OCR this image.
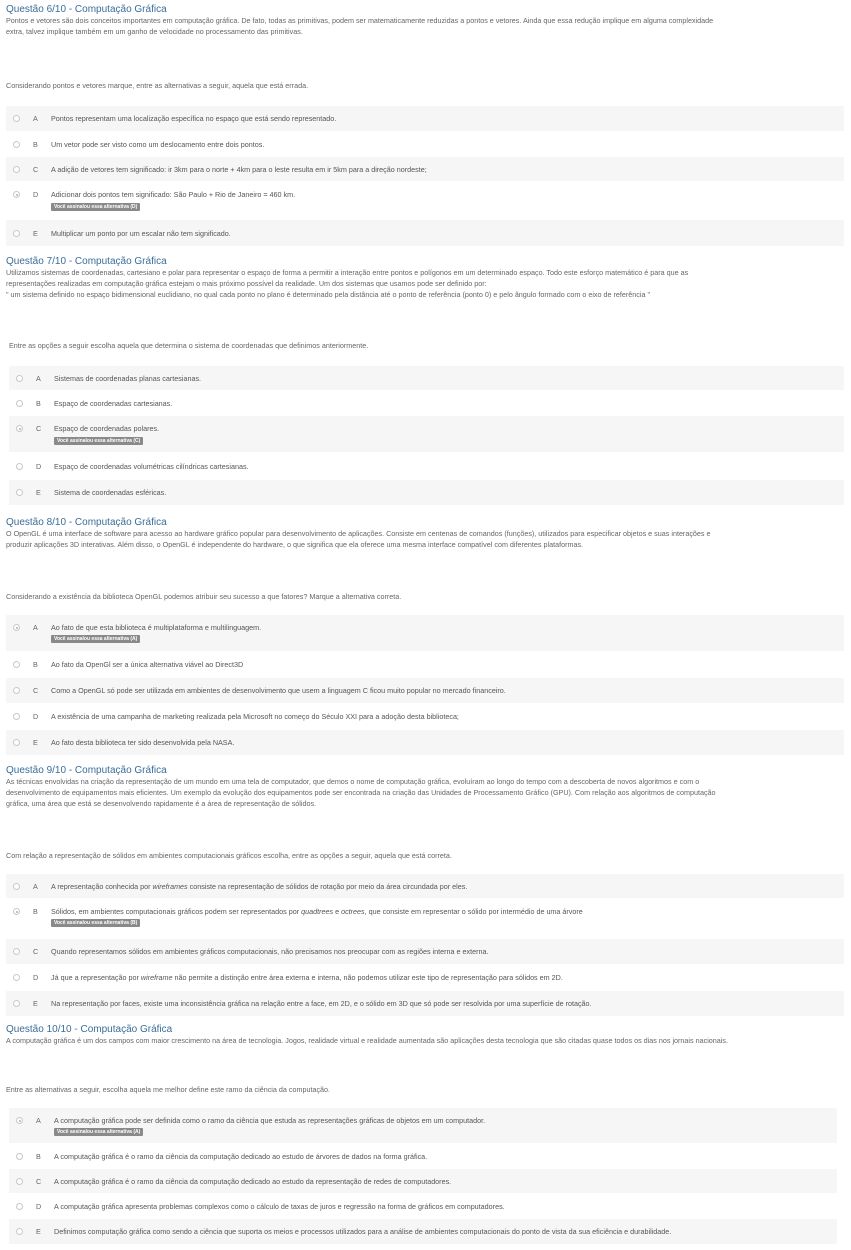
Questão 6/10 - Computação Gráfica

Pontos e vetores são dois conceitos importantes em computação gráfica. De fato, todas as primitivas, podem ser matematicamente reduzidas a pontos e vetores. Ainda que essa redução implique em alguma complexidade

extra, talvez implique também em um ganho de velocidade no processamento das primitivas.

Considerando pontos e vetores marque, entre as alternativas a seguir, aquela que está errada.
A Pontos representam uma localização específica no espaço que está sendo representado.
B Um vetor pode ser visto como um deslocamento entre dois pontos.
C A adição de vetores tem significado: ir 3km para o norte + 4km para o leste resulta em ir 5km para a direção nordeste;
D Adicionar dois pontos tem significado: São Paulo + Rio de Janeiro = 460 km.
Você assinalou essa alternativa (D)
E Multiplicar um ponto por um escalar não tem significado.
Questão 7/10 - Computação Gráfica

Utilizamos sistemas de coordenadas, cartesiano e polar para representar o espaço de forma a permitir a interação entre pontos e polígonos em um determinado espaço. Todo este esforço matemático é para que as

representações realizadas em computação gráfica estejam o mais próximo possível da realidade. Um dos sistemas que usamos pode ser definido por:

" um sistema definido no espaço bidimensional euclidiano, no qual cada ponto no plano é determinado pela distância até o ponto de referência (ponto 0) e pelo ângulo formado com o eixo de referência "

Entre as opções a seguir escolha aquela que determina o sistema de coordenadas que definimos anteriormente.
A Sistemas de coordenadas planas cartesianas.
B Espaço de coordenadas cartesianas.
C Espaço de coordenadas polares.
Você assinalou essa alternativa (C)
D Espaço de coordenadas volumétricas cilíndricas cartesianas.
E Sistema de coordenadas esféricas.
Questão 8/10 - Computação Gráfica

O OpenGL é uma interface de software para acesso ao hardware gráfico popular para desenvolvimento de aplicações. Consiste em centenas de comandos (funções), utilizados para especificar objetos e suas interações e

produzir aplicações 3D interativas. Além disso, o OpenGL é independente do hardware, o que significa que ela oferece uma mesma interface compatível com diferentes plataformas.

Considerando a existência da biblioteca OpenGL podemos atribuir seu sucesso a que fatores? Marque a alternativa correta.
A Ao fato de que esta biblioteca é multiplataforma e multilinguagem.
Você assinalou essa alternativa (A)
B Ao fato da OpenGl ser a única alternativa viável ao Direct3D
C Como a OpenGL só pode ser utilizada em ambientes de desenvolvimento que usem a linguagem C ficou muito popular no mercado financeiro.
D A existência de uma campanha de marketing realizada pela Microsoft no começo do Século XXI para a adoção desta biblioteca;
E Ao fato desta biblioteca ter sido desenvolvida pela NASA.
Questão 9/10 - Computação Gráfica

As técnicas envolvidas na criação da representação de um mundo em uma tela de computador, que demos o nome de computação gráfica, evoluíram ao longo do tempo com a descoberta de novos algoritmos e com o

desenvolvimento de equipamentos mais eficientes. Um exemplo da evolução dos equipamentos pode ser encontrada na criação das Unidades de Processamento Gráfico (GPU). Com relação aos algoritmos de computação

gráfica, uma área que está se desenvolvendo rapidamente é a área de representação de sólidos.

Com relação a representação de sólidos em ambientes computacionais gráficos escolha, entre as opções a seguir, aquela que está correta.
A A representação conhecida por wireframes consiste na representação de sólidos de rotação por meio da área circundada por eles.
B Sólidos, em ambientes computacionais gráficos podem ser representados por quadtrees e octrees, que consiste em representar o sólido por intermédio de uma árvore
Você assinalou essa alternativa (B)
C Quando representamos sólidos em ambientes gráficos computacionais, não precisamos nos preocupar com as regiões interna e externa.
D Já que a representação por wireframe não permite a distinção entre área externa e interna, não podemos utilizar este tipo de representação para sólidos em 2D.
E Na representação por faces, existe uma inconsistência gráfica na relação entre a face, em 2D, e o sólido em 3D que só pode ser resolvida por uma superfície de rotação.
Questão 10/10 - Computação Gráfica

A computação gráfica é um dos campos com maior crescimento na área de tecnologia. Jogos, realidade virtual e realidade aumentada são aplicações desta tecnologia que são citadas quase todos os dias nos jornais nacionais.

Entre as alternativas a seguir, escolha aquela me melhor define este ramo da ciência da computação.
A A computação gráfica pode ser definida como o ramo da ciência que estuda as representações gráficas de objetos em um computador.
Você assinalou essa alternativa (A)
B A computação gráfica é o ramo da ciência da computação dedicado ao estudo de árvores de dados na forma gráfica.
C A computação gráfica é o ramo da ciência da computação dedicado ao estudo da representação de redes de computadores.
D A computação gráfica apresenta problemas complexos como o cálculo de taxas de juros e regressão na forma de gráficos em computadores.
E Definimos computação gráfica como sendo a ciência que suporta os meios e processos utilizados para a análise de ambientes computacionais do ponto de vista da sua eficiência e durabilidade.
